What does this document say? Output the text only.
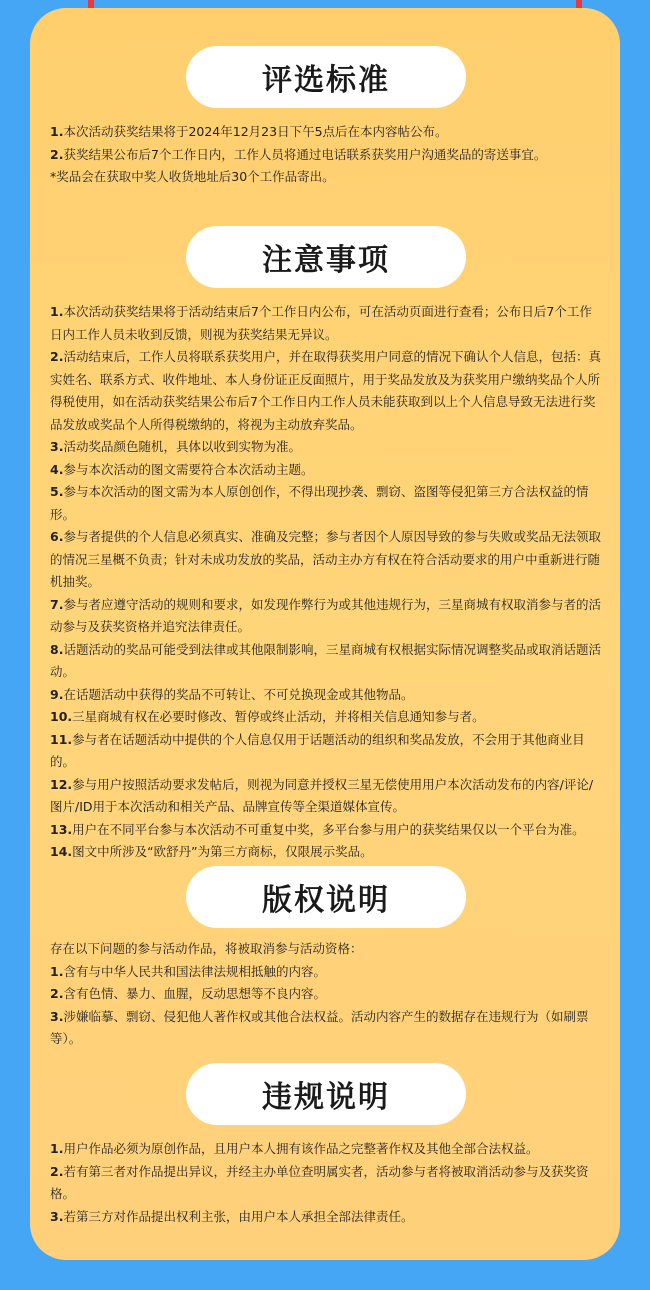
评选标准

1.本次活动获奖结果将于2024年12月23日下午5点后在本内容帖公布。

2.获奖结果公布后7个工作日内，工作人员将通过电话联系获奖用户沟通奖品的寄送事宜。

*奖品会在获取中奖人收货地址后30个工作品寄出。

注意事项

1.本次活动获奖结果将于活动结束后7个工作日内公布，可在活动页面进行查看；公布日后7个工作日内工作人员未收到反馈，则视为获奖结果无异议。

2.活动结束后，工作人员将联系获奖用户，并在取得获奖用户同意的情况下确认个人信息，包括：真实姓名、联系方式、收件地址、本人身份证正反面照片，用于奖品发放及为获奖用户缴纳奖品个人所得税使用，如在活动获奖结果公布后7个工作日内工作人员未能获取到以上个人信息导致无法进行奖品发放或奖品个人所得税缴纳的，将视为主动放弃奖品。

3.活动奖品颜色随机，具体以收到实物为准。

4.参与本次活动的图文需要符合本次活动主题。

5.参与本次活动的图文需为本人原创创作，不得出现抄袭、剽窃、盗图等侵犯第三方合法权益的情形。

6.参与者提供的个人信息必须真实、准确及完整；参与者因个人原因导致的参与失败或奖品无法领取的情况三星概不负责；针对未成功发放的奖品，活动主办方有权在符合活动要求的用户中重新进行随机抽奖。

7.参与者应遵守活动的规则和要求，如发现作弊行为或其他违规行为，三星商城有权取消参与者的活动参与及获奖资格并追究法律责任。

8.话题活动的奖品可能受到法律或其他限制影响，三星商城有权根据实际情况调整奖品或取消话题活动。

9.在话题活动中获得的奖品不可转让、不可兑换现金或其他物品。

10.三星商城有权在必要时修改、暂停或终止活动，并将相关信息通知参与者。

11.参与者在话题活动中提供的个人信息仅用于话题活动的组织和奖品发放，不会用于其他商业目的。

12.参与用户按照活动要求发帖后，则视为同意并授权三星无偿使用用户本次活动发布的内容/评论/图片/ID用于本次活动和相关产品、品牌宣传等全渠道媒体宣传。

13.用户在不同平台参与本次活动不可重复中奖，多平台参与用户的获奖结果仅以一个平台为准。

14.图文中所涉及“欧舒丹”为第三方商标，仅限展示奖品。

版权说明

存在以下问题的参与活动作品，将被取消参与活动资格：

1.含有与中华人民共和国法律法规相抵触的内容。

2.含有色情、暴力、血腥，反动思想等不良内容。

3.涉嫌临摹、剽窃、侵犯他人著作权或其他合法权益。活动内容产生的数据存在违规行为（如刷票等）。

违规说明

1.用户作品必须为原创作品，且用户本人拥有该作品之完整著作权及其他全部合法权益。

2.若有第三者对作品提出异议，并经主办单位查明属实者，活动参与者将被取消活动参与及获奖资格。

3.若第三方对作品提出权利主张，由用户本人承担全部法律责任。
